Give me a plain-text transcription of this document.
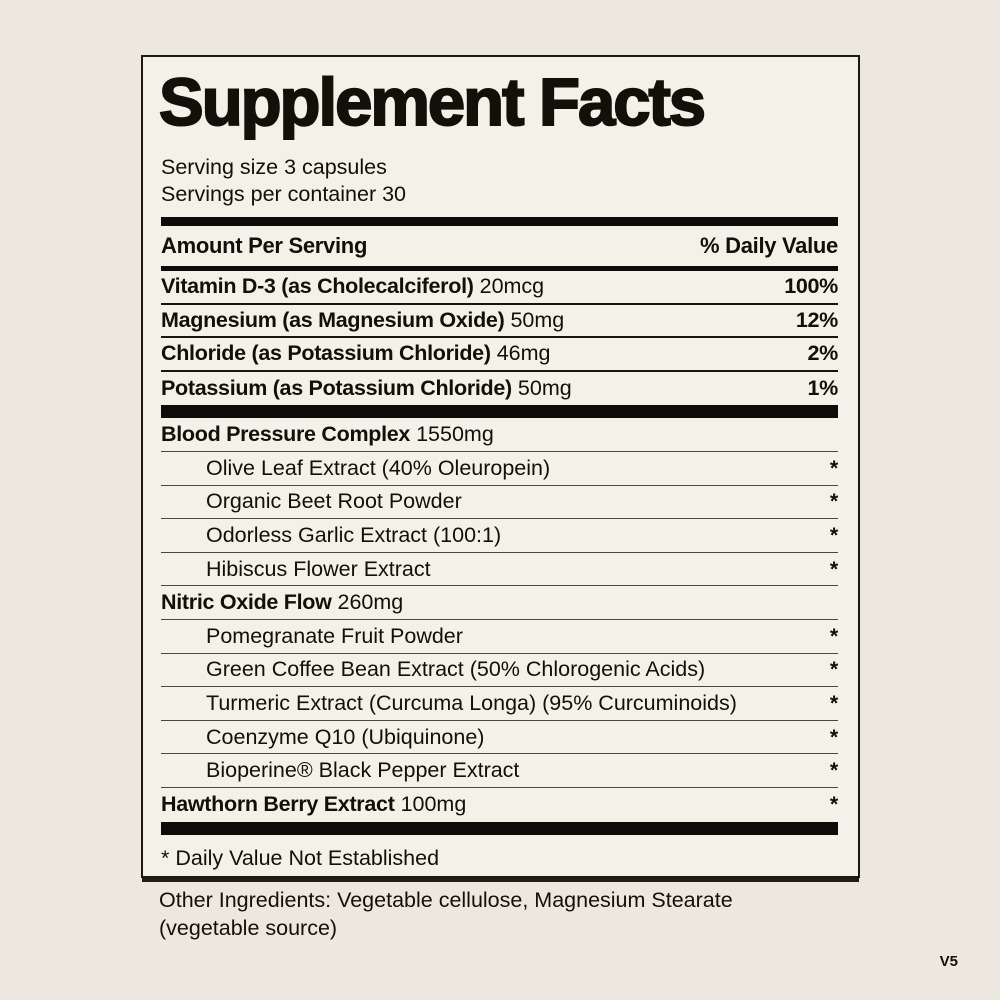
Supplement Facts
Serving size 3 capsules
Servings per container 30
Amount Per Serving	% Daily Value
Vitamin D-3 (as Cholecalciferol) 20mcg	100%
Magnesium (as Magnesium Oxide) 50mg	12%
Chloride (as Potassium Chloride) 46mg	2%
Potassium (as Potassium Chloride) 50mg	1%
Blood Pressure Complex 1550mg
Olive Leaf Extract (40% Oleuropein)	*
Organic Beet Root Powder	*
Odorless Garlic Extract (100:1)	*
Hibiscus Flower Extract	*
Nitric Oxide Flow 260mg
Pomegranate Fruit Powder	*
Green Coffee Bean Extract (50% Chlorogenic Acids)	*
Turmeric Extract (Curcuma Longa) (95% Curcuminoids)	*
Coenzyme Q10 (Ubiquinone)	*
Bioperine® Black Pepper Extract	*
Hawthorn Berry Extract 100mg	*
* Daily Value Not Established
Other Ingredients: Vegetable cellulose, Magnesium Stearate
(vegetable source)
V5
